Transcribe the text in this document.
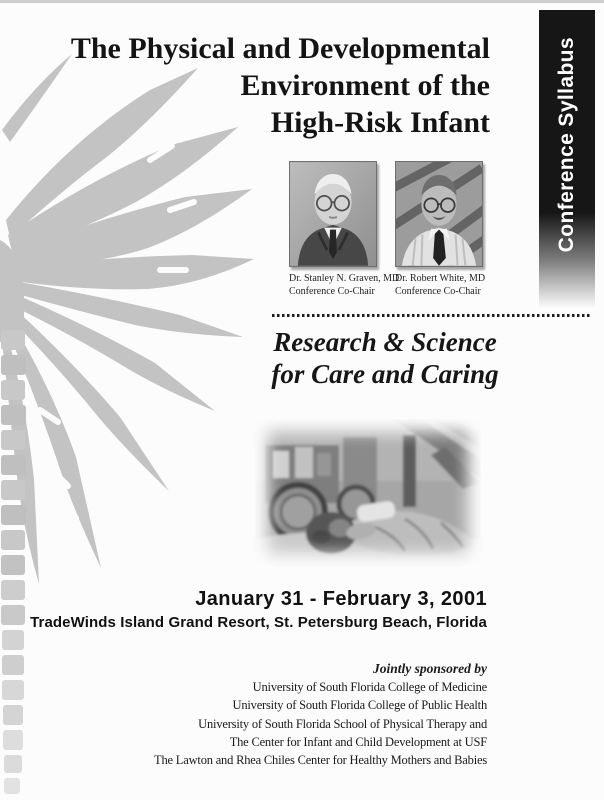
Conference Syllabus
The Physical and Developmental
Environment of the
High-Risk Infant
Dr. Stanley N. Graven, MD
Conference Co-Chair
Dr. Robert White, MD
Conference Co-Chair
Research & Science
for Care and Caring
January 31 - February 3, 2001
TradeWinds Island Grand Resort, St. Petersburg Beach, Florida
Jointly sponsored by
University of South Florida College of Medicine
University of South Florida College of Public Health
University of South Florida School of Physical Therapy and
The Center for Infant and Child Development at USF
The Lawton and Rhea Chiles Center for Healthy Mothers and Babies
